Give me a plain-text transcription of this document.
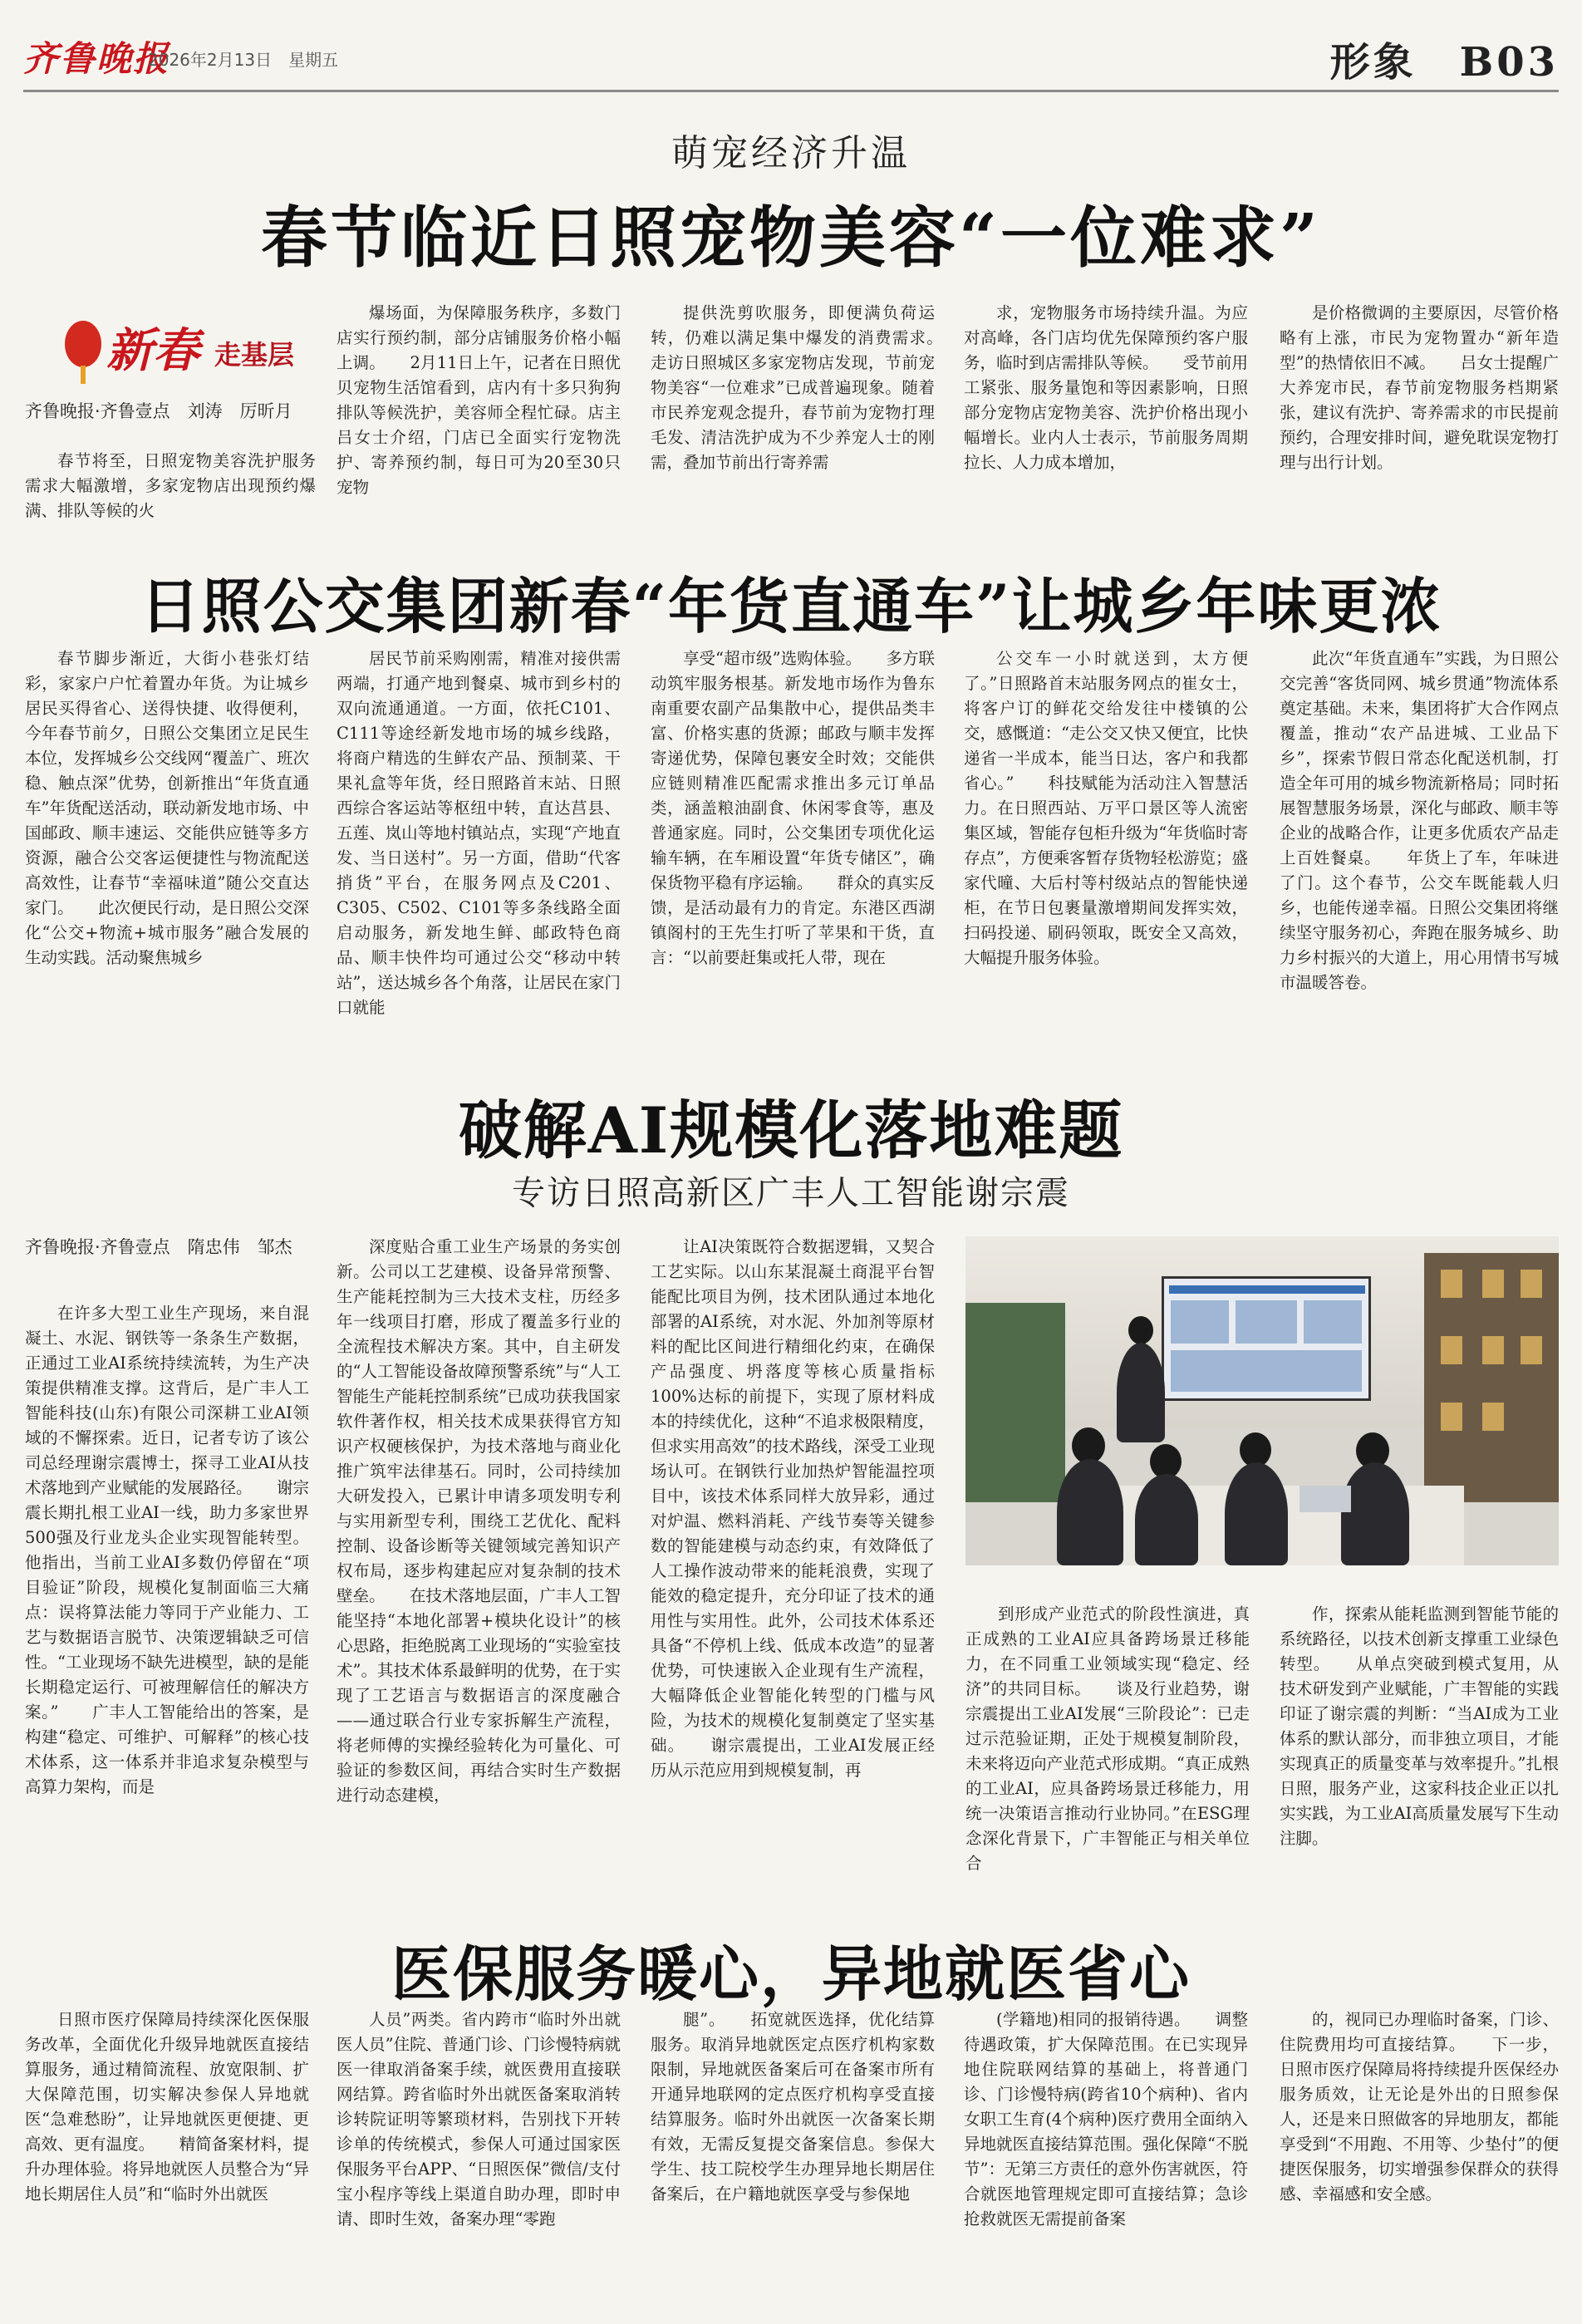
齐鲁晚报
2026年2月13日　星期五	形象　B03
萌宠经济升温
春节临近日照宠物美容“一位难求”
新春 走基层
齐鲁晚报·齐鲁壹点　刘涛　厉昕月

春节将至，日照宠物美容洗护服务需求大幅激增，多家宠物店出现预约爆满、排队等候的火

爆场面，为保障服务秩序，多数门店实行预约制，部分店铺服务价格小幅上调。　　2月11日上午，记者在日照优贝宠物生活馆看到，店内有十多只狗狗排队等候洗护，美容师全程忙碌。店主吕女士介绍，门店已全面实行宠物洗护、寄养预约制，每日可为20至30只宠物

提供洗剪吹服务，即便满负荷运转，仍难以满足集中爆发的消费需求。　　走访日照城区多家宠物店发现，节前宠物美容“一位难求”已成普遍现象。随着市民养宠观念提升，春节前为宠物打理毛发、清洁洗护成为不少养宠人士的刚需，叠加节前出行寄养需

求，宠物服务市场持续升温。为应对高峰，各门店均优先保障预约客户服务，临时到店需排队等候。　　受节前用工紧张、服务量饱和等因素影响，日照部分宠物店宠物美容、洗护价格出现小幅增长。业内人士表示，节前服务周期拉长、人力成本增加，

是价格微调的主要原因，尽管价格略有上涨，市民为宠物置办“新年造型”的热情依旧不减。　　吕女士提醒广大养宠市民，春节前宠物服务档期紧张，建议有洗护、寄养需求的市民提前预约，合理安排时间，避免耽误宠物打理与出行计划。

日照公交集团新春“年货直通车”让城乡年味更浓

春节脚步渐近，大街小巷张灯结彩，家家户户忙着置办年货。为让城乡居民买得省心、送得快捷、收得便利，今年春节前夕，日照公交集团立足民生本位，发挥城乡公交线网“覆盖广、班次稳、触点深”优势，创新推出“年货直通车”年货配送活动，联动新发地市场、中国邮政、顺丰速运、交能供应链等多方资源，融合公交客运便捷性与物流配送高效性，让春节“幸福味道”随公交直达家门。　　此次便民行动，是日照公交深化“公交+物流+城市服务”融合发展的生动实践。活动聚焦城乡

居民节前采购刚需，精准对接供需两端，打通产地到餐桌、城市到乡村的双向流通通道。一方面，依托C101、C111等途经新发地市场的城乡线路，将商户精选的生鲜农产品、预制菜、干果礼盒等年货，经日照路首末站、日照西综合客运站等枢纽中转，直达莒县、五莲、岚山等地村镇站点，实现“产地直发、当日送村”。另一方面，借助“代客捎货”平台，在服务网点及C201、C305、C502、C101等多条线路全面启动服务，新发地生鲜、邮政特色商品、顺丰快件均可通过公交“移动中转站”，送达城乡各个角落，让居民在家门口就能

享受“超市级”选购体验。　　多方联动筑牢服务根基。新发地市场作为鲁东南重要农副产品集散中心，提供品类丰富、价格实惠的货源；邮政与顺丰发挥寄递优势，保障包裹安全时效；交能供应链则精准匹配需求推出多元订单品类，涵盖粮油副食、休闲零食等，惠及普通家庭。同时，公交集团专项优化运输车辆，在车厢设置“年货专储区”，确保货物平稳有序运输。　　群众的真实反馈，是活动最有力的肯定。东港区西湖镇阁村的王先生打听了苹果和干货，直言：“以前要赶集或托人带，现在

公交车一小时就送到，太方便了。”日照路首末站服务网点的崔女士，将客户订的鲜花交给发往中楼镇的公交，感慨道：“走公交又快又便宜，比快递省一半成本，能当日达，客户和我都省心。”　　科技赋能为活动注入智慧活力。在日照西站、万平口景区等人流密集区域，智能存包柜升级为“年货临时寄存点”，方便乘客暂存货物轻松游览；盛家代曈、大后村等村级站点的智能快递柜，在节日包裹量激增期间发挥实效，扫码投递、刷码领取，既安全又高效，大幅提升服务体验。

此次“年货直通车”实践，为日照公交完善“客货同网、城乡贯通”物流体系奠定基础。未来，集团将扩大合作网点覆盖，推动“农产品进城、工业品下乡”，探索节假日常态化配送机制，打造全年可用的城乡物流新格局；同时拓展智慧服务场景，深化与邮政、顺丰等企业的战略合作，让更多优质农产品走上百姓餐桌。　　年货上了车，年味进了门。这个春节，公交车既能载人归乡，也能传递幸福。日照公交集团将继续坚守服务初心，奔跑在服务城乡、助力乡村振兴的大道上，用心用情书写城市温暖答卷。

破解AI规模化落地难题
专访日照高新区广丰人工智能谢宗震
齐鲁晚报·齐鲁壹点　隋忠伟　邹杰

在许多大型工业生产现场，来自混凝土、水泥、钢铁等一条条生产数据，正通过工业AI系统持续流转，为生产决策提供精准支撑。这背后，是广丰人工智能科技(山东)有限公司深耕工业AI领域的不懈探索。近日，记者专访了该公司总经理谢宗震博士，探寻工业AI从技术落地到产业赋能的发展路径。　　谢宗震长期扎根工业AI一线，助力多家世界500强及行业龙头企业实现智能转型。他指出，当前工业AI多数仍停留在“项目验证”阶段，规模化复制面临三大痛点：误将算法能力等同于产业能力、工艺与数据语言脱节、决策逻辑缺乏可信性。“工业现场不缺先进模型，缺的是能长期稳定运行、可被理解信任的解决方案。”　　广丰人工智能给出的答案，是构建“稳定、可维护、可解释”的核心技术体系，这一体系并非追求复杂模型与高算力架构，而是

深度贴合重工业生产场景的务实创新。公司以工艺建模、设备异常预警、生产能耗控制为三大技术支柱，历经多年一线项目打磨，形成了覆盖多行业的全流程技术解决方案。其中，自主研发的“人工智能设备故障预警系统”与“人工智能生产能耗控制系统”已成功获我国家软件著作权，相关技术成果获得官方知识产权硬核保护，为技术落地与商业化推广筑牢法律基石。同时，公司持续加大研发投入，已累计申请多项发明专利与实用新型专利，围绕工艺优化、配料控制、设备诊断等关键领域完善知识产权布局，逐步构建起应对复杂制的技术壁垒。　　在技术落地层面，广丰人工智能坚持“本地化部署+模块化设计”的核心思路，拒绝脱离工业现场的“实验室技术”。其技术体系最鲜明的优势，在于实现了工艺语言与数据语言的深度融合——通过联合行业专家拆解生产流程，将老师傅的实操经验转化为可量化、可验证的参数区间，再结合实时生产数据进行动态建模，

让AI决策既符合数据逻辑，又契合工艺实际。以山东某混凝土商混平台智能配比项目为例，技术团队通过本地化部署的AI系统，对水泥、外加剂等原材料的配比区间进行精细化约束，在确保产品强度、坍落度等核心质量指标100%达标的前提下，实现了原材料成本的持续优化，这种“不追求极限精度，但求实用高效”的技术路线，深受工业现场认可。在钢铁行业加热炉智能温控项目中，该技术体系同样大放异彩，通过对炉温、燃料消耗、产线节奏等关键参数的智能建模与动态约束，有效降低了人工操作波动带来的能耗浪费，实现了能效的稳定提升，充分印证了技术的通用性与实用性。此外，公司技术体系还具备“不停机上线、低成本改造”的显著优势，可快速嵌入企业现有生产流程，大幅降低企业智能化转型的门槛与风险，为技术的规模化复制奠定了坚实基础。　　谢宗震提出，工业AI发展正经历从示范应用到规模复制，再

到形成产业范式的阶段性演进，真正成熟的工业AI应具备跨场景迁移能力，在不同重工业领域实现“稳定、经济”的共同目标。　　谈及行业趋势，谢宗震提出工业AI发展“三阶段论”：已走过示范验证期，正处于规模复制阶段，未来将迈向产业范式形成期。“真正成熟的工业AI，应具备跨场景迁移能力，用统一决策语言推动行业协同。”在ESG理念深化背景下，广丰智能正与相关单位合

作，探索从能耗监测到智能节能的系统路径，以技术创新支撑重工业绿色转型。　　从单点突破到模式复用，从技术研发到产业赋能，广丰智能的实践印证了谢宗震的判断：“当AI成为工业体系的默认部分，而非独立项目，才能实现真正的质量变革与效率提升。”扎根日照，服务产业，这家科技企业正以扎实实践，为工业AI高质量发展写下生动注脚。

医保服务暖心，异地就医省心

日照市医疗保障局持续深化医保服务改革，全面优化升级异地就医直接结算服务，通过精简流程、放宽限制、扩大保障范围，切实解决参保人异地就医“急难愁盼”，让异地就医更便捷、更高效、更有温度。　　精简备案材料，提升办理体验。将异地就医人员整合为“异地长期居住人员”和“临时外出就医

人员”两类。省内跨市“临时外出就医人员”住院、普通门诊、门诊慢特病就医一律取消备案手续，就医费用直接联网结算。跨省临时外出就医备案取消转诊转院证明等繁琐材料，告别找下开转诊单的传统模式，参保人可通过国家医保服务平台APP、“日照医保”微信/支付宝小程序等线上渠道自助办理，即时申请、即时生效，备案办理“零跑

腿”。　　拓宽就医选择，优化结算服务。取消异地就医定点医疗机构家数限制，异地就医备案后可在备案市所有开通异地联网的定点医疗机构享受直接结算服务。临时外出就医一次备案长期有效，无需反复提交备案信息。参保大学生、技工院校学生办理异地长期居住备案后，在户籍地就医享受与参保地

(学籍地)相同的报销待遇。　　调整待遇政策，扩大保障范围。在已实现异地住院联网结算的基础上，将普通门诊、门诊慢特病(跨省10个病种)、省内女职工生育(4个病种)医疗费用全面纳入异地就医直接结算范围。强化保障“不脱节”：无第三方责任的意外伤害就医，符合就医地管理规定即可直接结算；急诊抢救就医无需提前备案

的，视同已办理临时备案，门诊、住院费用均可直接结算。　　下一步，日照市医疗保障局将持续提升医保经办服务质效，让无论是外出的日照参保人，还是来日照做客的异地朋友，都能享受到“不用跑、不用等、少垫付”的便捷医保服务，切实增强参保群众的获得感、幸福感和安全感。
